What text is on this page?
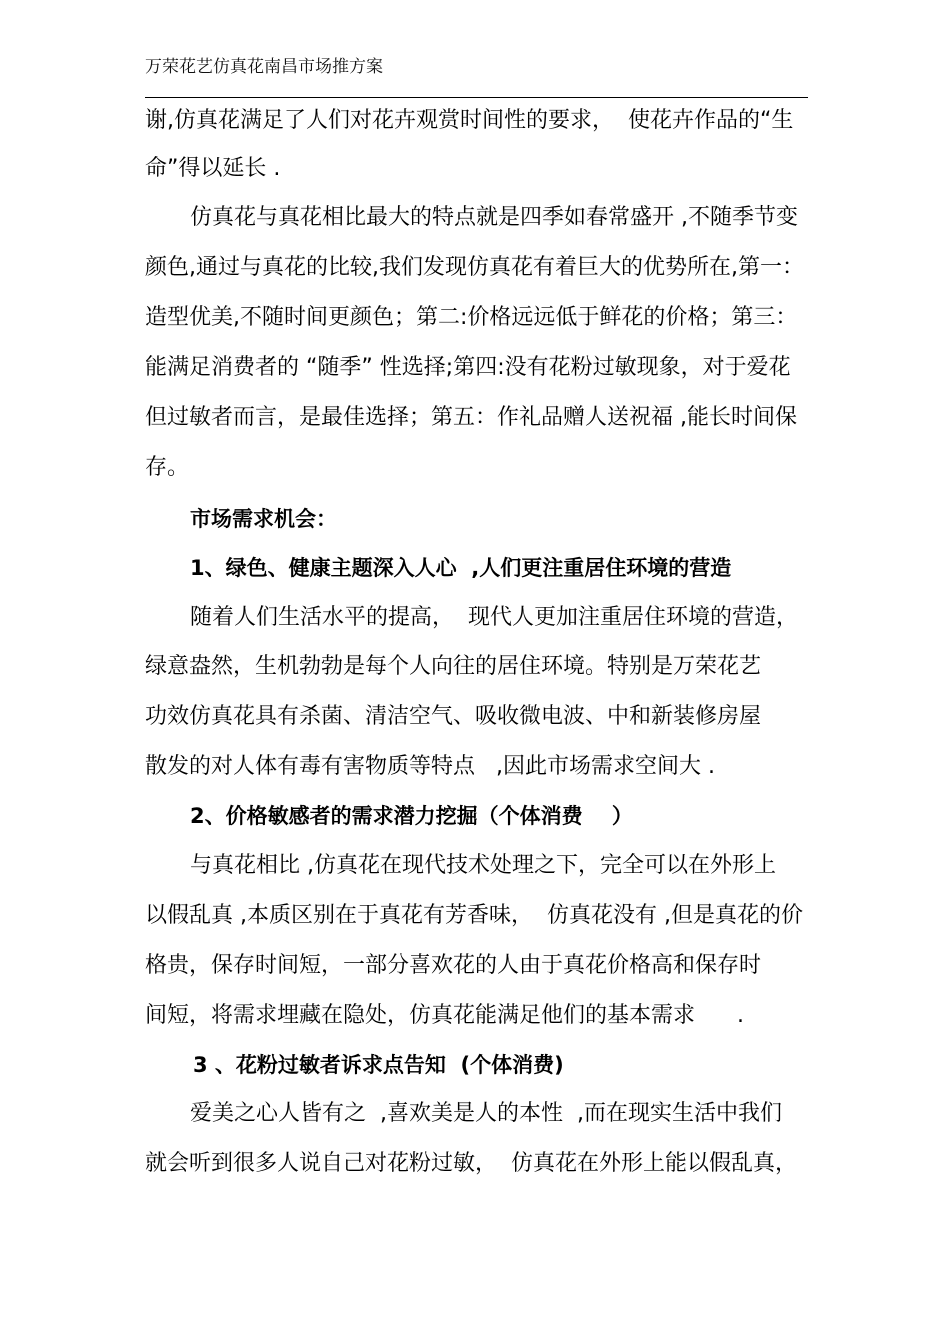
万荣花艺仿真花南昌市场推方案
谢,仿真花满足了人们对花卉观赏时间性的要求，  使花卉作品的“生
命”得以延长 .
仿真花与真花相比最大的特点就是四季如春常盛开 ,不随季节变
颜色,通过与真花的比较,我们发现仿真花有着巨大的优势所在,第一：
造型优美,不随时间更颜色；第二:价格远远低于鲜花的价格；第三：
能满足消费者的 “随季” 性选择;第四:没有花粉过敏现象，对于爱花
但过敏者而言，是最佳选择；第五：作礼品赠人送祝福 ,能长时间保
存。
市场需求机会：
1、绿色、健康主题深入人心  ,人们更注重居住环境的营造
随着人们生活水平的提高，  现代人更加注重居住环境的营造，
绿意盎然，生机勃勃是每个人向往的居住环境。特别是万荣花艺
功效仿真花具有杀菌、清洁空气、吸收微电波、中和新装修房屋
散发的对人体有毒有害物质等特点   ,因此市场需求空间大 .
2、价格敏感者的需求潜力挖掘（个体消费    ）
与真花相比 ,仿真花在现代技术处理之下，完全可以在外形上
以假乱真 ,本质区别在于真花有芳香味，  仿真花没有 ,但是真花的价
格贵，保存时间短，一部分喜欢花的人由于真花价格高和保存时
间短，将需求埋藏在隐处，仿真花能满足他们的基本需求      .
3 、花粉过敏者诉求点告知  (个体消费)
爱美之心人皆有之  ,喜欢美是人的本性  ,而在现实生活中我们
就会听到很多人说自己对花粉过敏，  仿真花在外形上能以假乱真，
